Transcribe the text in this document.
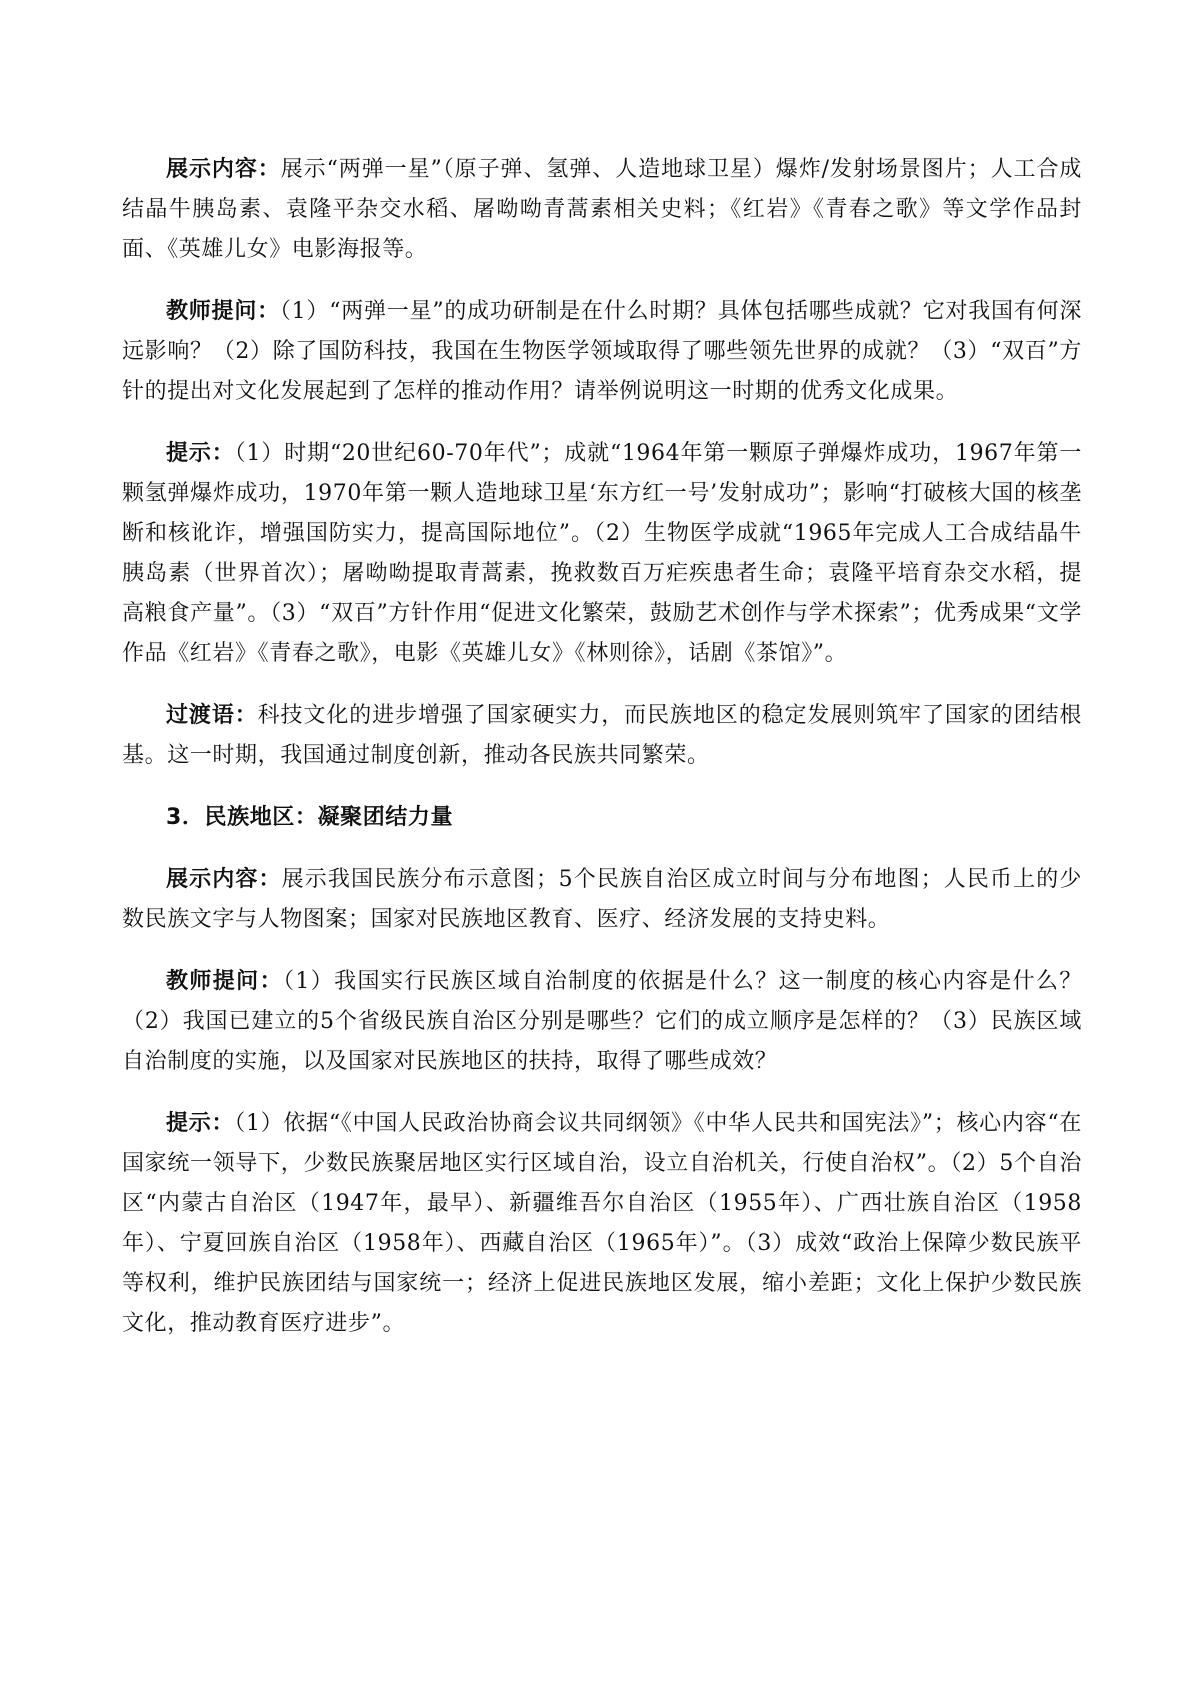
展示内容：展示“两弹一星”（原子弹、氢弹、人造地球卫星）爆炸/发射场景图片；人工合成结晶牛胰岛素、袁隆平杂交水稻、屠呦呦青蒿素相关史料；《红岩》《青春之歌》等文学作品封面、《英雄儿女》电影海报等。

教师提问：（1）“两弹一星”的成功研制是在什么时期？具体包括哪些成就？它对我国有何深远影响？（2）除了国防科技，我国在生物医学领域取得了哪些领先世界的成就？（3）“双百”方针的提出对文化发展起到了怎样的推动作用？请举例说明这一时期的优秀文化成果。

提示：（1）时期“20世纪60-70年代”；成就“1964年第一颗原子弹爆炸成功，1967年第一颗氢弹爆炸成功，1970年第一颗人造地球卫星‘东方红一号’发射成功”；影响“打破核大国的核垄断和核讹诈，增强国防实力，提高国际地位”。（2）生物医学成就“1965年完成人工合成结晶牛胰岛素（世界首次）；屠呦呦提取青蒿素，挽救数百万疟疾患者生命；袁隆平培育杂交水稻，提高粮食产量”。（3）“双百”方针作用“促进文化繁荣，鼓励艺术创作与学术探索”；优秀成果“文学作品《红岩》《青春之歌》，电影《英雄儿女》《林则徐》，话剧《茶馆》”。

过渡语：科技文化的进步增强了国家硬实力，而民族地区的稳定发展则筑牢了国家的团结根基。这一时期，我国通过制度创新，推动各民族共同繁荣。

3．民族地区：凝聚团结力量

展示内容：展示我国民族分布示意图；5个民族自治区成立时间与分布地图；人民币上的少数民族文字与人物图案；国家对民族地区教育、医疗、经济发展的支持史料。

教师提问：（1）我国实行民族区域自治制度的依据是什么？这一制度的核心内容是什么？（2）我国已建立的5个省级民族自治区分别是哪些？它们的成立顺序是怎样的？（3）民族区域自治制度的实施，以及国家对民族地区的扶持，取得了哪些成效？

提示：（1）依据“《中国人民政治协商会议共同纲领》《中华人民共和国宪法》”；核心内容“在国家统一领导下，少数民族聚居地区实行区域自治，设立自治机关，行使自治权”。（2）5个自治区“内蒙古自治区（1947年，最早）、新疆维吾尔自治区（1955年）、广西壮族自治区（1958年）、宁夏回族自治区（1958年）、西藏自治区（1965年）”。（3）成效“政治上保障少数民族平等权利，维护民族团结与国家统一；经济上促进民族地区发展，缩小差距；文化上保护少数民族文化，推动教育医疗进步”。
